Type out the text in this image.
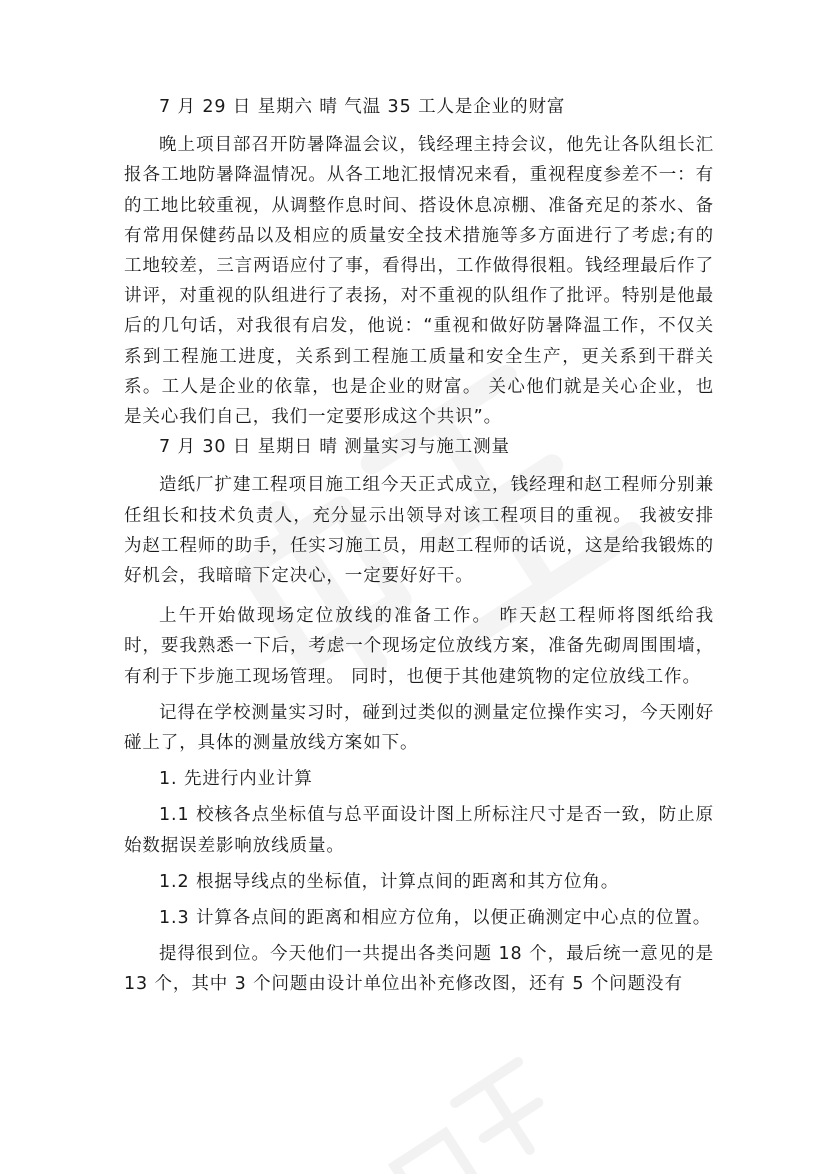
7 月 29 日 星期六 晴 气温 35 工人是企业的财富

晚上项目部召开防暑降温会议，钱经理主持会议，他先让各队组长汇报各工地防暑降温情况。从各工地汇报情况来看，重视程度参差不一：有的工地比较重视，从调整作息时间、搭设休息凉棚、准备充足的茶水、备有常用保健药品以及相应的质量安全技术措施等多方面进行了考虑;有的工地较差，三言两语应付了事，看得出，工作做得很粗。钱经理最后作了讲评，对重视的队组进行了表扬，对不重视的队组作了批评。特别是他最后的几句话，对我很有启发，他说：“重视和做好防暑降温工作，不仅关系到工程施工进度，关系到工程施工质量和安全生产，更关系到干群关系。工人是企业的依靠，也是企业的财富。 关心他们就是关心企业，也是关心我们自己，我们一定要形成这个共识”。

7 月 30 日 星期日 晴 测量实习与施工测量

造纸厂扩建工程项目施工组今天正式成立，钱经理和赵工程师分别兼任组长和技术负责人，充分显示出领导对该工程项目的重视。 我被安排为赵工程师的助手，任实习施工员，用赵工程师的话说，这是给我锻炼的好机会，我暗暗下定决心，一定要好好干。

上午开始做现场定位放线的准备工作。 昨天赵工程师将图纸给我时，要我熟悉一下后，考虑一个现场定位放线方案，准备先砌周围围墙，有利于下步施工现场管理。 同时，也便于其他建筑物的定位放线工作。

记得在学校测量实习时，碰到过类似的测量定位操作实习，今天刚好碰上了，具体的测量放线方案如下。

1. 先进行内业计算

1.1 校核各点坐标值与总平面设计图上所标注尺寸是否一致，防止原始数据误差影响放线质量。

1.2 根据导线点的坐标值，计算点间的距离和其方位角。

1.3 计算各点间的距离和相应方位角，以便正确测定中心点的位置。

提得很到位。今天他们一共提出各类问题 18 个，最后统一意见的是 13 个，其中 3 个问题由设计单位出补充修改图，还有 5 个问题没有
